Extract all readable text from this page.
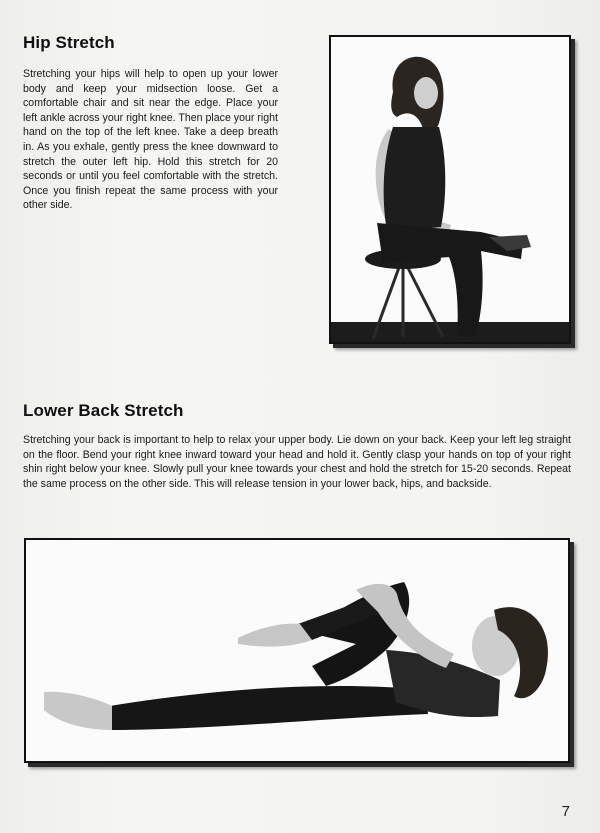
Hip Stretch

Stretching your hips will help to open up your lower body and keep your midsection loose. Get a comfortable chair and sit near the edge. Place your left ankle across your right knee. Then place your right hand on the top of the left knee. Take a deep breath in. As you exhale, gently press the knee downward to stretch the outer left hip. Hold this stretch for 20 seconds or until you feel comfortable with the stretch. Once you finish repeat the same process with your other side.

Lower Back Stretch

Stretching your back is important to help to relax your upper body. Lie down on your back. Keep your left leg straight on the floor. Bend your right knee inward toward your head and hold it. Gently clasp your hands on top of your right shin right below your knee. Slowly pull your knee towards your chest and hold the stretch for 15-20 seconds. Repeat the same process on the other side. This will release tension in your lower back, hips, and backside.

7
